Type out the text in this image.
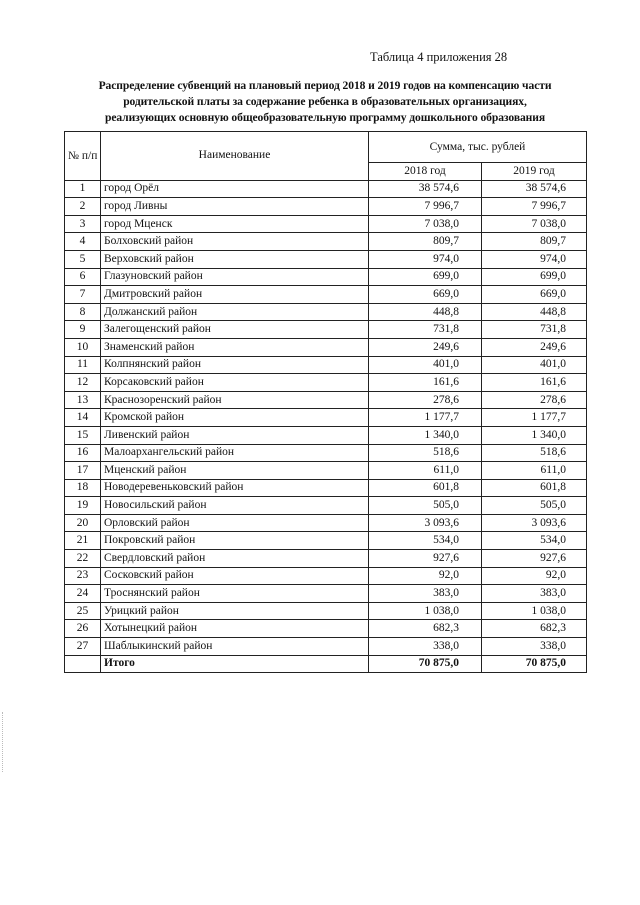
Таблица 4 приложения 28
Распределение субвенций на плановый период 2018 и 2019 годов на компенсацию части
родительской платы за содержание ребенка в образовательных организациях,
реализующих основную общеобразовательную программу дошкольного образования
№ п/п	Наименование	Сумма, тыс. рублей	
		2018 год	2019 год
1	город Орёл	38 574,6	38 574,6
2	город Ливны	7 996,7	7 996,7
3	город Мценск	7 038,0	7 038,0
4	Болховский район	809,7	809,7
5	Верховский район	974,0	974,0
6	Глазуновский район	699,0	699,0
7	Дмитровский район	669,0	669,0
8	Должанский район	448,8	448,8
9	Залегощенский район	731,8	731,8
10	Знаменский район	249,6	249,6
11	Колпнянский район	401,0	401,0
12	Корсаковский район	161,6	161,6
13	Краснозоренский район	278,6	278,6
14	Кромской район	1 177,7	1 177,7
15	Ливенский район	1 340,0	1 340,0
16	Малоархангельский район	518,6	518,6
17	Мценский район	611,0	611,0
18	Новодеревеньковский район	601,8	601,8
19	Новосильский район	505,0	505,0
20	Орловский район	3 093,6	3 093,6
21	Покровский район	534,0	534,0
22	Свердловский район	927,6	927,6
23	Сосковский район	92,0	92,0
24	Троснянский район	383,0	383,0
25	Урицкий район	1 038,0	1 038,0
26	Хотынецкий район	682,3	682,3
27	Шаблыкинский район	338,0	338,0
	Итого	70 875,0	70 875,0
